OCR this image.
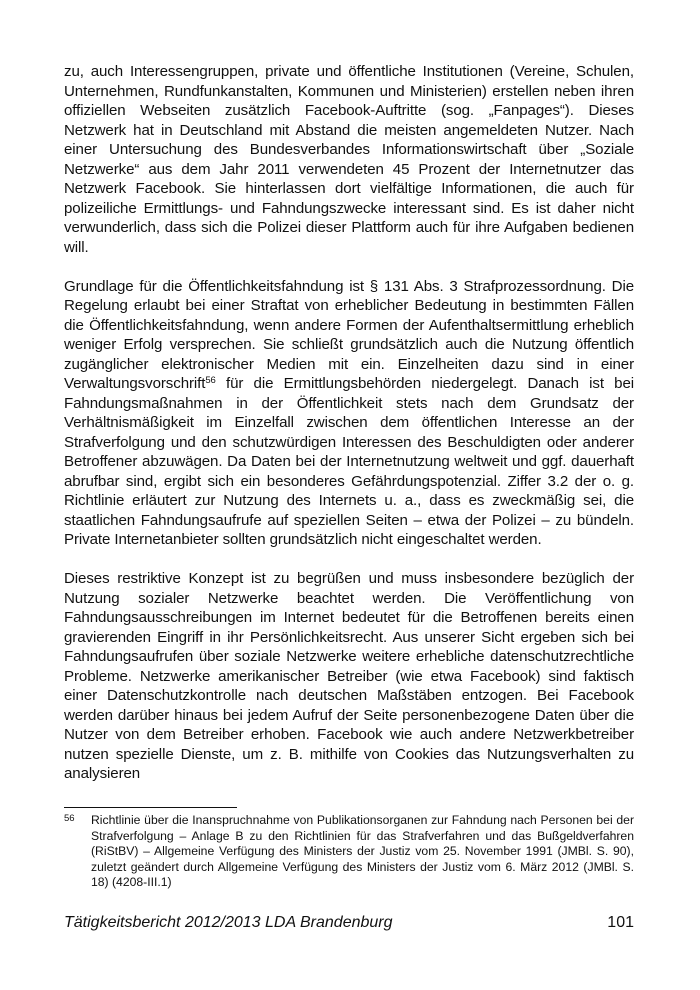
zu, auch Interessengruppen, private und öffentliche Institutionen (Vereine, Schulen, Unternehmen, Rundfunkanstalten, Kommunen und Ministerien) erstellen neben ihren offiziellen Webseiten zusätzlich Facebook-Auftritte (sog. „Fanpages“). Dieses Netzwerk hat in Deutschland mit Abstand die meisten angemeldeten Nutzer. Nach einer Untersuchung des Bundesverbandes Informationswirtschaft über „Soziale Netzwerke“ aus dem Jahr 2011 verwendeten 45 Prozent der Internetnutzer das Netzwerk Facebook. Sie hinterlassen dort vielfältige Informationen, die auch für polizeiliche Ermittlungs- und Fahndungszwecke interessant sind. Es ist daher nicht verwunderlich, dass sich die Polizei dieser Plattform auch für ihre Aufgaben bedienen will.

Grundlage für die Öffentlichkeitsfahndung ist § 131 Abs. 3 Strafprozessordnung. Die Regelung erlaubt bei einer Straftat von erheblicher Bedeutung in bestimmten Fällen die Öffentlichkeitsfahndung, wenn andere Formen der Aufenthaltsermittlung erheblich weniger Erfolg versprechen. Sie schließt grundsätzlich auch die Nutzung öffentlich zugänglicher elektronischer Medien mit ein. Einzelheiten dazu sind in einer Verwaltungsvorschrift$^{56}$ für die Ermittlungsbehörden niedergelegt. Danach ist bei Fahndungsmaßnahmen in der Öffentlichkeit stets nach dem Grundsatz der Verhältnismäßigkeit im Einzelfall zwischen dem öffentlichen Interesse an der Strafverfolgung und den schutzwürdigen Interessen des Beschuldigten oder anderer Betroffener abzuwägen. Da Daten bei der Internetnutzung weltweit und ggf. dauerhaft abrufbar sind, ergibt sich ein besonderes Gefährdungspotenzial. Ziffer 3.2 der o. g. Richtlinie erläutert zur Nutzung des Internets u. a., dass es zweckmäßig sei, die staatlichen Fahndungsaufrufe auf speziellen Seiten – etwa der Polizei – zu bündeln. Private Internetanbieter sollten grundsätzlich nicht eingeschaltet werden.

Dieses restriktive Konzept ist zu begrüßen und muss insbesondere bezüglich der Nutzung sozialer Netzwerke beachtet werden. Die Veröffentlichung von Fahndungsausschreibungen im Internet bedeutet für die Betroffenen bereits einen gravierenden Eingriff in ihr Persönlichkeitsrecht. Aus unserer Sicht ergeben sich bei Fahndungsaufrufen über soziale Netzwerke weitere erhebliche datenschutzrechtliche Probleme. Netzwerke amerikanischer Betreiber (wie etwa Facebook) sind faktisch einer Datenschutzkontrolle nach deutschen Maßstäben entzogen. Bei Facebook werden darüber hinaus bei jedem Aufruf der Seite personenbezogene Daten über die Nutzer von dem Betreiber erhoben. Facebook wie auch andere Netzwerkbetreiber nutzen spezielle Dienste, um z. B. mithilfe von Cookies das Nutzungsverhalten zu analysieren

56 Richtlinie über die Inanspruchnahme von Publikationsorganen zur Fahndung nach Personen bei der Strafverfolgung – Anlage B zu den Richtlinien für das Strafverfahren und das Bußgeldverfahren (RiStBV) – Allgemeine Verfügung des Ministers der Justiz vom 25. November 1991 (JMBl. S. 90), zuletzt geändert durch Allgemeine Verfügung des Ministers der Justiz vom 6. März 2012 (JMBl. S. 18) (4208-III.1)
Tätigkeitsbericht 2012/2013 LDA Brandenburg	101
